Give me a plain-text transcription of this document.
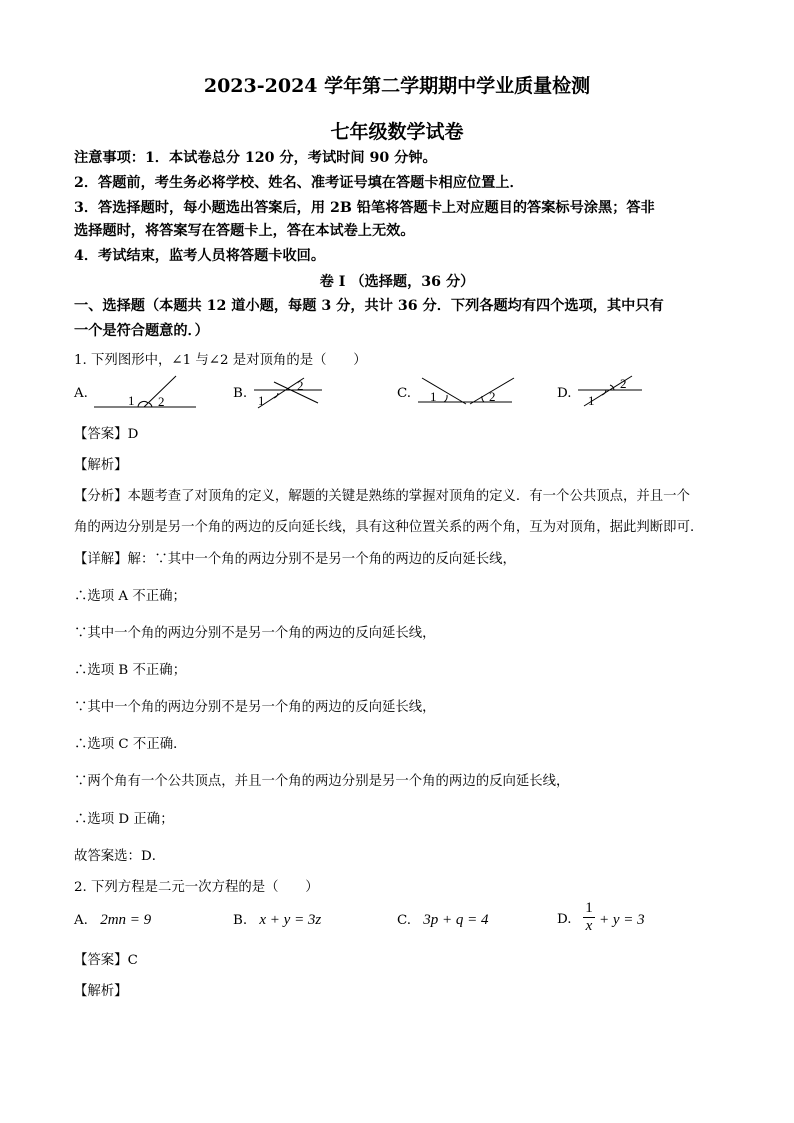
2023-2024 学年第二学期期中学业质量检测
七年级数学试卷
注意事项：1．本试卷总分 120 分，考试时间 90 分钟。
2．答题前，考生务必将学校、姓名、准考证号填在答题卡相应位置上．
3．答选择题时，每小题选出答案后，用 2B 铅笔将答题卡上对应题目的答案标号涂黑；答非
选择题时，将答案写在答题卡上，答在本试卷上无效。
4．考试结束，监考人员将答题卡收回。
卷 I （选择题，36 分）
一、选择题（本题共 12 道小题，每题 3 分，共计 36 分．下列各题均有四个选项，其中只有
一个是符合题意的．）
1. 下列图形中，∠1 与∠2 是对顶角的是（　　）
A.	1 2
B. 1
2
C. 1	2	D. 1
2
【答案】D
【解析】
【分析】本题考查了对顶角的定义，解题的关键是熟练的掌握对顶角的定义．有一个公共顶点，并且一个
角的两边分别是另一个角的两边的反向延长线，具有这种位置关系的两个角，互为对顶角，据此判断即可．
【详解】解：∵其中一个角的两边分别不是另一个角的两边的反向延长线，
∴选项 A 不正确；
∵其中一个角的两边分别不是另一个角的两边的反向延长线，
∴选项 B 不正确；
∵其中一个角的两边分别不是另一个角的两边的反向延长线，
∴选项 C 不正确．
∵两个角有一个公共顶点，并且一个角的两边分别是另一个角的两边的反向延长线，
∴选项 D 正确；
故答案选：D．
2. 下列方程是二元一次方程的是（　　）
A. 2mn = 9	B. x + y = 3z	C. 3p + q = 4	D.
1
x + y = 3
【答案】C
【解析】
